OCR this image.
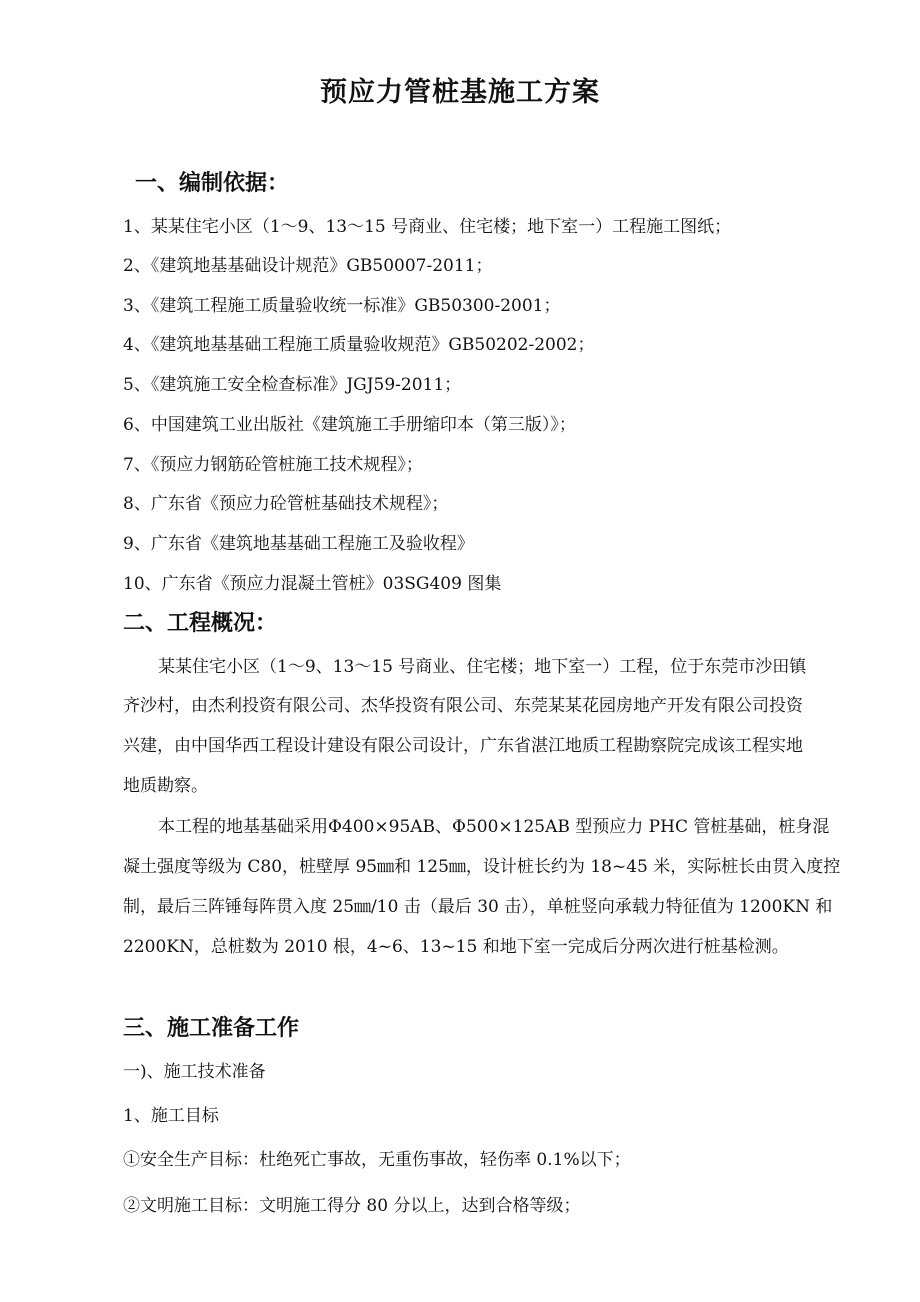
预应力管桩基施工方案
一、编制依据：
1、某某住宅小区（1～9、13～15 号商业、住宅楼；地下室一）工程施工图纸；
2、《建筑地基基础设计规范》GB50007-2011；
3、《建筑工程施工质量验收统一标准》GB50300-2001；
4、《建筑地基基础工程施工质量验收规范》GB50202-2002；
5、《建筑施工安全检查标准》JGJ59-2011；
6、中国建筑工业出版社《建筑施工手册缩印本（第三版）》；
7、《预应力钢筋砼管桩施工技术规程》；
8、广东省《预应力砼管桩基础技术规程》；
9、广东省《建筑地基基础工程施工及验收程》
10、广东省《预应力混凝土管桩》03SG409 图集
二、工程概况：
某某住宅小区（1～9、13～15 号商业、住宅楼；地下室一）工程，位于东莞市沙田镇
齐沙村，由杰利投资有限公司、杰华投资有限公司、东莞某某花园房地产开发有限公司投资
兴建，由中国华西工程设计建设有限公司设计，广东省湛江地质工程勘察院完成该工程实地
地质勘察。
本工程的地基基础采用Φ400×95AB、Φ500×125AB 型预应力 PHC 管桩基础，桩身混
凝土强度等级为 C80，桩壁厚 95㎜和 125㎜，设计桩长约为 18~45 米，实际桩长由贯入度控
制，最后三阵锤每阵贯入度 25㎜/10 击（最后 30 击），单桩竖向承载力特征值为 1200KN 和
2200KN，总桩数为 2010 根，4~6、13~15 和地下室一完成后分两次进行桩基检测。
三、施工准备工作
一)、施工技术准备
1、施工目标
①安全生产目标：杜绝死亡事故，无重伤事故，轻伤率 0.1%以下；
②文明施工目标：文明施工得分 80 分以上，达到合格等级；
